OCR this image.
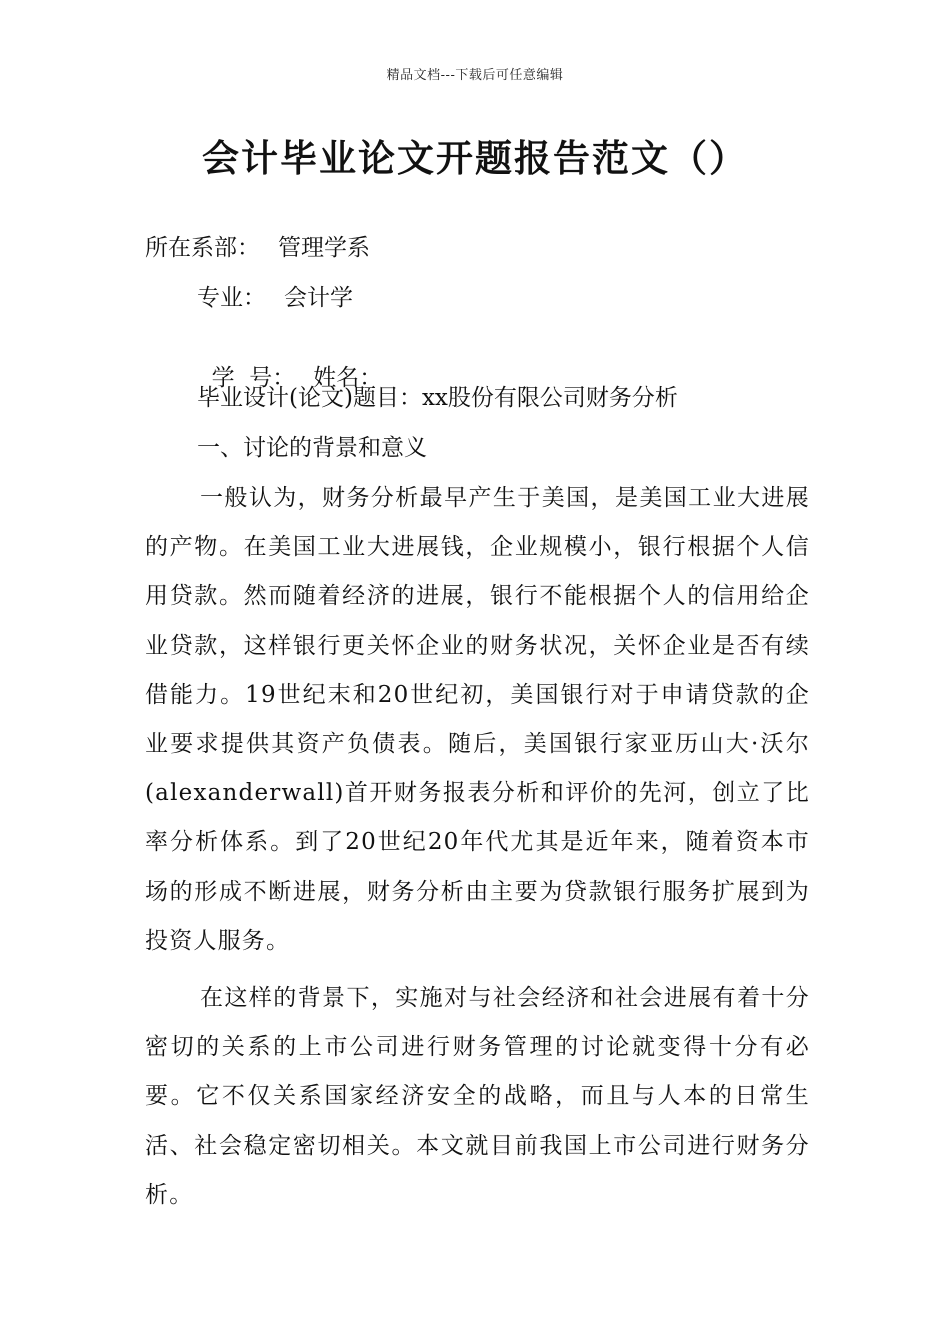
精品文档---下载后可任意编辑
会计毕业论文开题报告范文（）
所在系部： 管理学系
专业： 会计学

学  号： 姓名：

毕业设计(论文)题目：xx股份有限公司财务分析
一、讨论的背景和意义

一般认为，财务分析最早产生于美国，是美国工业大进展的产物。在美国工业大进展钱，企业规模小，银行根据个人信用贷款。然而随着经济的进展，银行不能根据个人的信用给企业贷款，这样银行更关怀企业的财务状况，关怀企业是否有续借能力。19世纪末和20世纪初，美国银行对于申请贷款的企业要求提供其资产负债表。随后，美国银行家亚历山大·沃尔(alexanderwall)首开财务报表分析和评价的先河，创立了比率分析体系。到了20世纪20年代尤其是近年来，随着资本市场的形成不断进展，财务分析由主要为贷款银行服务扩展到为投资人服务。

在这样的背景下，实施对与社会经济和社会进展有着十分密切的关系的上市公司进行财务管理的讨论就变得十分有必要。它不仅关系国家经济安全的战略，而且与人本的日常生活、社会稳定密切相关。本文就目前我国上市公司进行财务分析。
